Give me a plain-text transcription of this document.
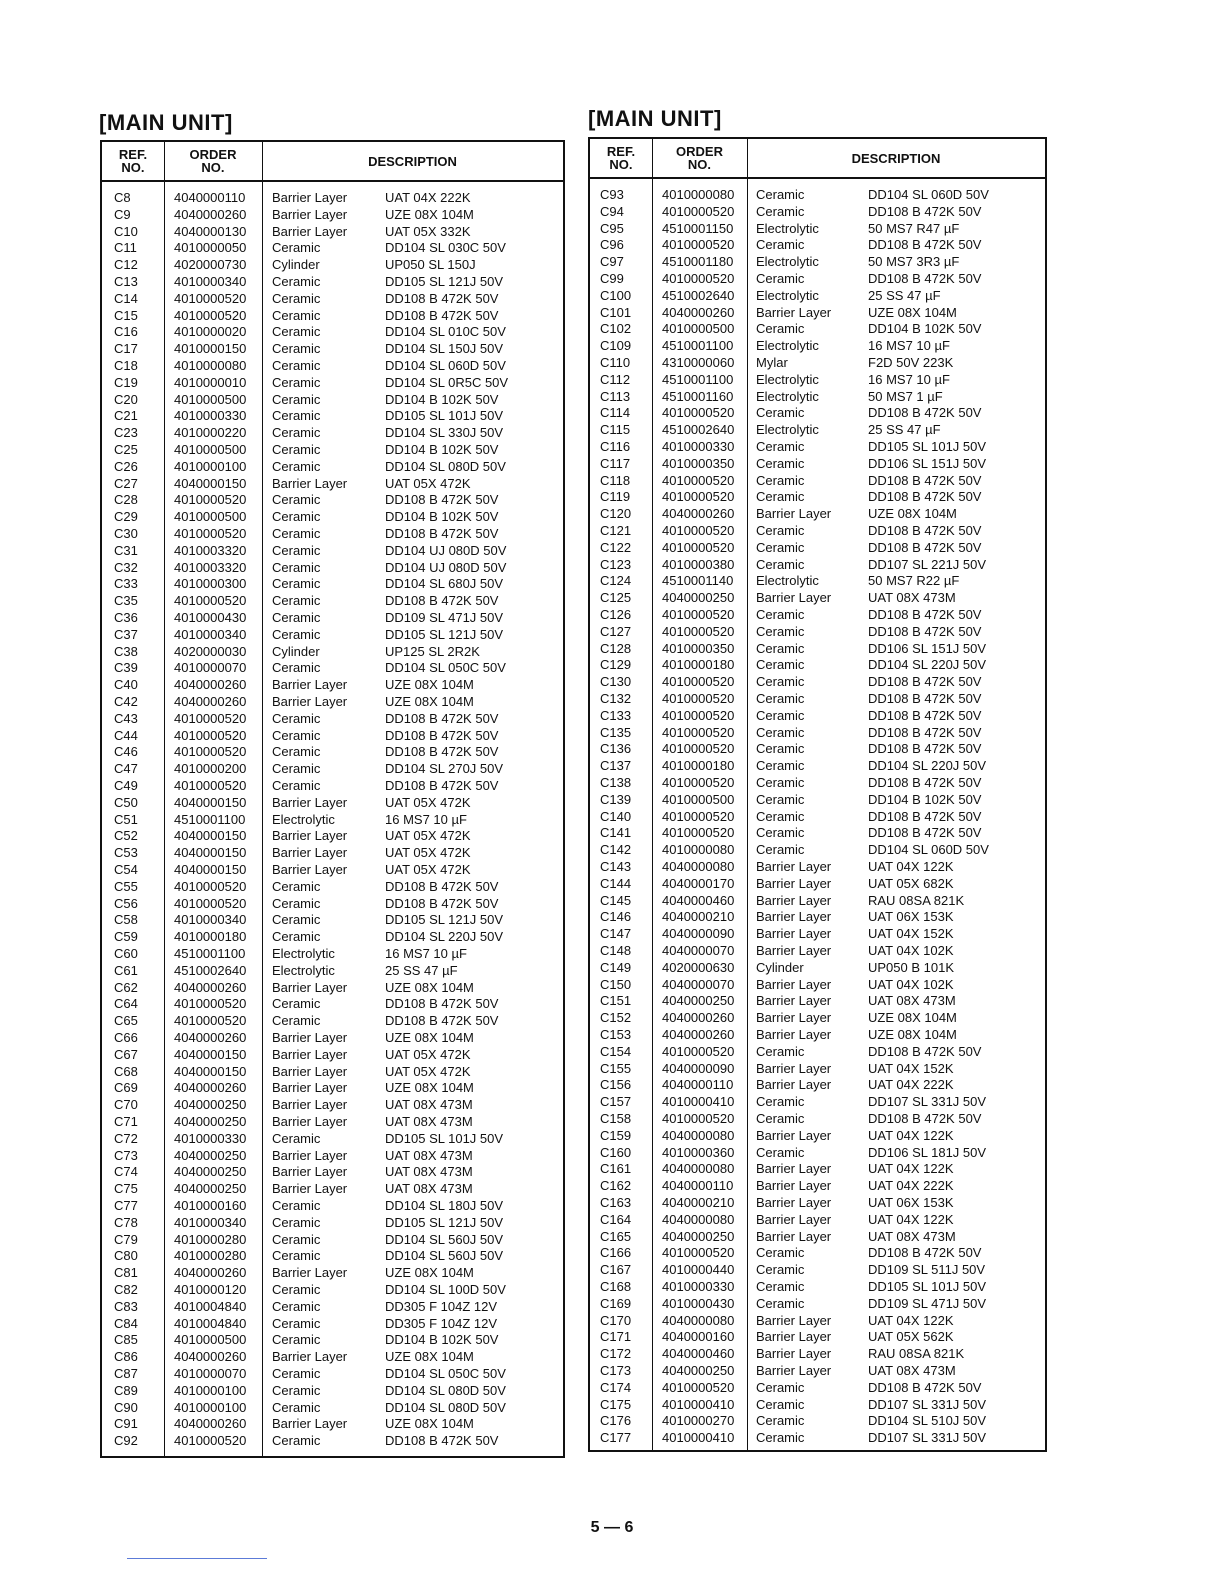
[MAIN UNIT]	[MAIN UNIT]
REF.
NO.
ORDER
NO.	DESCRIPTION
C8	4040000110 Barrier Layer	UAT 04X 222K
C9	4040000260 Barrier Layer	UZE 08X 104M
C10	4040000130 Barrier Layer	UAT 05X 332K
C11	4010000050 Ceramic	DD104 SL 030C 50V
C12	4020000730 Cylinder	UP050 SL 150J
C13	4010000340 Ceramic	DD105 SL 121J 50V
C14	4010000520 Ceramic	DD108 B 472K 50V
C15	4010000520 Ceramic	DD108 B 472K 50V
C16	4010000020 Ceramic	DD104 SL 010C 50V
C17	4010000150 Ceramic	DD104 SL 150J 50V
C18	4010000080 Ceramic	DD104 SL 060D 50V
C19	4010000010 Ceramic	DD104 SL 0R5C 50V
C20	4010000500 Ceramic	DD104 B 102K 50V
C21	4010000330 Ceramic	DD105 SL 101J 50V
C23	4010000220 Ceramic	DD104 SL 330J 50V
C25	4010000500 Ceramic	DD104 B 102K 50V
C26	4010000100 Ceramic	DD104 SL 080D 50V
C27	4040000150 Barrier Layer	UAT 05X 472K
C28	4010000520 Ceramic	DD108 B 472K 50V
C29	4010000500 Ceramic	DD104 B 102K 50V
C30	4010000520 Ceramic	DD108 B 472K 50V
C31	4010003320 Ceramic	DD104 UJ 080D 50V
C32	4010003320 Ceramic	DD104 UJ 080D 50V
C33	4010000300 Ceramic	DD104 SL 680J 50V
C35	4010000520 Ceramic	DD108 B 472K 50V
C36	4010000430 Ceramic	DD109 SL 471J 50V
C37	4010000340 Ceramic	DD105 SL 121J 50V
C38	4020000030 Cylinder	UP125 SL 2R2K
C39	4010000070 Ceramic	DD104 SL 050C 50V
C40	4040000260 Barrier Layer	UZE 08X 104M
C42	4040000260 Barrier Layer	UZE 08X 104M
C43	4010000520 Ceramic	DD108 B 472K 50V
C44	4010000520 Ceramic	DD108 B 472K 50V
C46	4010000520 Ceramic	DD108 B 472K 50V
C47	4010000200 Ceramic	DD104 SL 270J 50V
C49	4010000520 Ceramic	DD108 B 472K 50V
C50	4040000150 Barrier Layer	UAT 05X 472K
C51	4510001100 Electrolytic	16 MS7 10 µF
C52	4040000150 Barrier Layer	UAT 05X 472K
C53	4040000150 Barrier Layer	UAT 05X 472K
C54	4040000150 Barrier Layer	UAT 05X 472K
C55	4010000520 Ceramic	DD108 B 472K 50V
C56	4010000520 Ceramic	DD108 B 472K 50V
C58	4010000340 Ceramic	DD105 SL 121J 50V
C59	4010000180 Ceramic	DD104 SL 220J 50V
C60	4510001100 Electrolytic	16 MS7 10 µF
C61	4510002640 Electrolytic	25 SS 47 µF
C62	4040000260 Barrier Layer	UZE 08X 104M
C64	4010000520 Ceramic	DD108 B 472K 50V
C65	4010000520 Ceramic	DD108 B 472K 50V
C66	4040000260 Barrier Layer	UZE 08X 104M
C67	4040000150 Barrier Layer	UAT 05X 472K
C68	4040000150 Barrier Layer	UAT 05X 472K
C69	4040000260 Barrier Layer	UZE 08X 104M
C70	4040000250 Barrier Layer	UAT 08X 473M
C71	4040000250 Barrier Layer	UAT 08X 473M
C72	4010000330 Ceramic	DD105 SL 101J 50V
C73	4040000250 Barrier Layer	UAT 08X 473M
C74	4040000250 Barrier Layer	UAT 08X 473M
C75	4040000250 Barrier Layer	UAT 08X 473M
C77	4010000160 Ceramic	DD104 SL 180J 50V
C78	4010000340 Ceramic	DD105 SL 121J 50V
C79	4010000280 Ceramic	DD104 SL 560J 50V
C80	4010000280 Ceramic	DD104 SL 560J 50V
C81	4040000260 Barrier Layer	UZE 08X 104M
C82	4010000120 Ceramic	DD104 SL 100D 50V
C83	4010004840 Ceramic	DD305 F 104Z 12V
C84	4010004840 Ceramic	DD305 F 104Z 12V
C85	4010000500 Ceramic	DD104 B 102K 50V
C86	4040000260 Barrier Layer	UZE 08X 104M
C87	4010000070 Ceramic	DD104 SL 050C 50V
C89	4010000100 Ceramic	DD104 SL 080D 50V
C90	4010000100 Ceramic	DD104 SL 080D 50V
C91	4040000260 Barrier Layer	UZE 08X 104M
C92	4010000520 Ceramic	DD108 B 472K 50V
REF.
NO.
ORDER
NO.	DESCRIPTION
C93	4010000080 Ceramic	DD104 SL 060D 50V
C94	4010000520 Ceramic	DD108 B 472K 50V
C95	4510001150 Electrolytic	50 MS7 R47 µF
C96	4010000520 Ceramic	DD108 B 472K 50V
C97	4510001180 Electrolytic	50 MS7 3R3 µF
C99	4010000520 Ceramic	DD108 B 472K 50V
C100 4510002640 Electrolytic	25 SS 47 µF
C101 4040000260 Barrier Layer	UZE 08X 104M
C102 4010000500 Ceramic	DD104 B 102K 50V
C109 4510001100 Electrolytic	16 MS7 10 µF
C110 4310000060 Mylar	F2D 50V 223K
C112 4510001100 Electrolytic	16 MS7 10 µF
C113 4510001160 Electrolytic	50 MS7 1 µF
C114 4010000520 Ceramic	DD108 B 472K 50V
C115 4510002640 Electrolytic	25 SS 47 µF
C116 4010000330 Ceramic	DD105 SL 101J 50V
C117 4010000350 Ceramic	DD106 SL 151J 50V
C118 4010000520 Ceramic	DD108 B 472K 50V
C119 4010000520 Ceramic	DD108 B 472K 50V
C120 4040000260 Barrier Layer	UZE 08X 104M
C121 4010000520 Ceramic	DD108 B 472K 50V
C122 4010000520 Ceramic	DD108 B 472K 50V
C123 4010000380 Ceramic	DD107 SL 221J 50V
C124 4510001140 Electrolytic	50 MS7 R22 µF
C125 4040000250 Barrier Layer	UAT 08X 473M
C126 4010000520 Ceramic	DD108 B 472K 50V
C127 4010000520 Ceramic	DD108 B 472K 50V
C128 4010000350 Ceramic	DD106 SL 151J 50V
C129 4010000180 Ceramic	DD104 SL 220J 50V
C130 4010000520 Ceramic	DD108 B 472K 50V
C132 4010000520 Ceramic	DD108 B 472K 50V
C133 4010000520 Ceramic	DD108 B 472K 50V
C135 4010000520 Ceramic	DD108 B 472K 50V
C136 4010000520 Ceramic	DD108 B 472K 50V
C137 4010000180 Ceramic	DD104 SL 220J 50V
C138 4010000520 Ceramic	DD108 B 472K 50V
C139 4010000500 Ceramic	DD104 B 102K 50V
C140 4010000520 Ceramic	DD108 B 472K 50V
C141 4010000520 Ceramic	DD108 B 472K 50V
C142 4010000080 Ceramic	DD104 SL 060D 50V
C143 4040000080 Barrier Layer	UAT 04X 122K
C144 4040000170 Barrier Layer	UAT 05X 682K
C145 4040000460 Barrier Layer	RAU 08SA 821K
C146 4040000210 Barrier Layer	UAT 06X 153K
C147 4040000090 Barrier Layer	UAT 04X 152K
C148 4040000070 Barrier Layer	UAT 04X 102K
C149 4020000630 Cylinder	UP050 B 101K
C150 4040000070 Barrier Layer	UAT 04X 102K
C151 4040000250 Barrier Layer	UAT 08X 473M
C152 4040000260 Barrier Layer	UZE 08X 104M
C153 4040000260 Barrier Layer	UZE 08X 104M
C154 4010000520 Ceramic	DD108 B 472K 50V
C155 4040000090 Barrier Layer	UAT 04X 152K
C156 4040000110 Barrier Layer	UAT 04X 222K
C157 4010000410 Ceramic	DD107 SL 331J 50V
C158 4010000520 Ceramic	DD108 B 472K 50V
C159 4040000080 Barrier Layer	UAT 04X 122K
C160 4010000360 Ceramic	DD106 SL 181J 50V
C161 4040000080 Barrier Layer	UAT 04X 122K
C162 4040000110 Barrier Layer	UAT 04X 222K
C163 4040000210 Barrier Layer	UAT 06X 153K
C164 4040000080 Barrier Layer	UAT 04X 122K
C165 4040000250 Barrier Layer	UAT 08X 473M
C166 4010000520 Ceramic	DD108 B 472K 50V
C167 4010000440 Ceramic	DD109 SL 511J 50V
C168 4010000330 Ceramic	DD105 SL 101J 50V
C169 4010000430 Ceramic	DD109 SL 471J 50V
C170 4040000080 Barrier Layer	UAT 04X 122K
C171 4040000160 Barrier Layer	UAT 05X 562K
C172 4040000460 Barrier Layer	RAU 08SA 821K
C173 4040000250 Barrier Layer	UAT 08X 473M
C174 4010000520 Ceramic	DD108 B 472K 50V
C175 4010000410 Ceramic	DD107 SL 331J 50V
C176 4010000270 Ceramic	DD104 SL 510J 50V
C177 4010000410 Ceramic	DD107 SL 331J 50V
5 — 6
